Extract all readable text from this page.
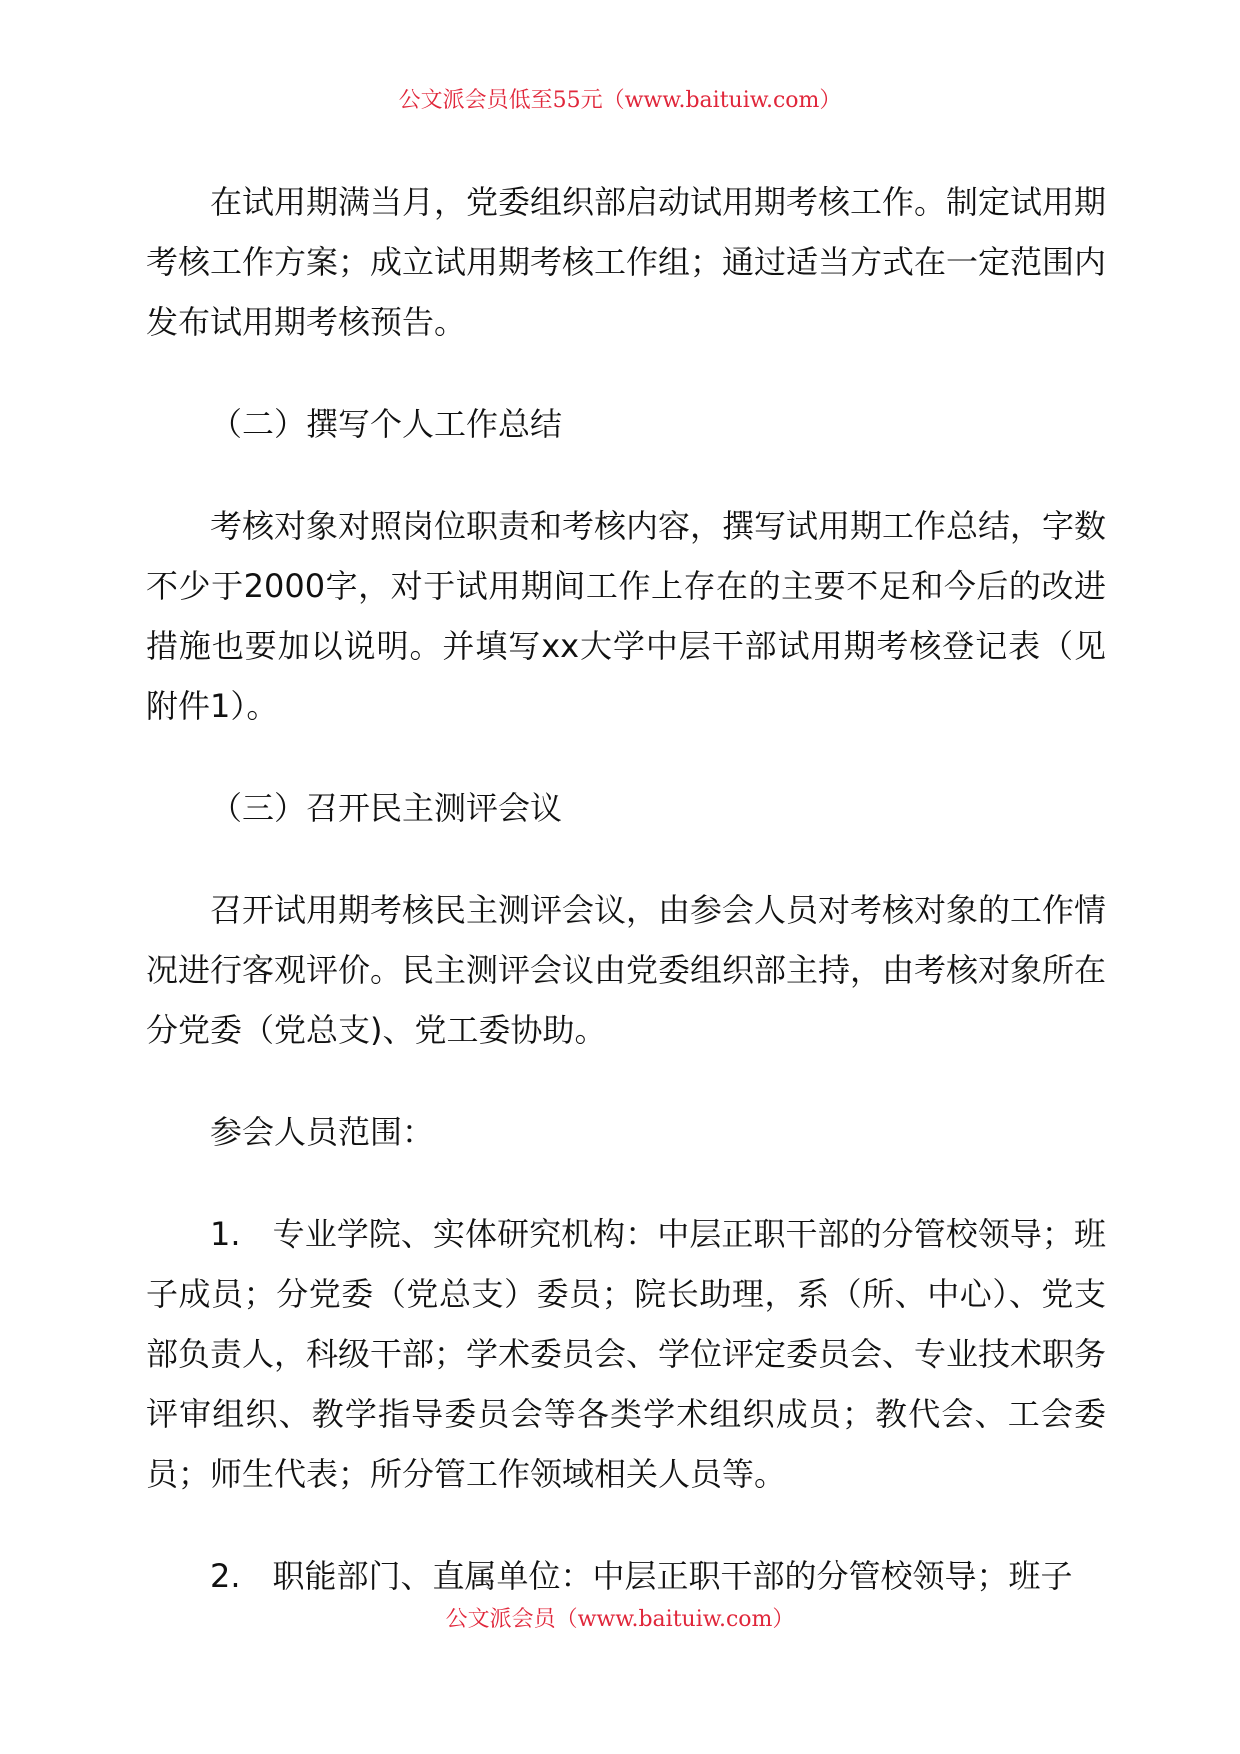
公文派会员低至55元（www.baituiw.com）

在试用期满当月，党委组织部启动试用期考核工作。制定试用期考核工作方案；成立试用期考核工作组；通过适当方式在一定范围内发布试用期考核预告。

（二）撰写个人工作总结

考核对象对照岗位职责和考核内容，撰写试用期工作总结，字数不少于2000字，对于试用期间工作上存在的主要不足和今后的改进措施也要加以说明。并填写xx大学中层干部试用期考核登记表（见附件1）。

（三）召开民主测评会议

召开试用期考核民主测评会议，由参会人员对考核对象的工作情况进行客观评价。民主测评会议由党委组织部主持，由考核对象所在分党委（党总支)、党工委协助。

参会人员范围：

1.　专业学院、实体研究机构：中层正职干部的分管校领导；班子成员；分党委（党总支）委员；院长助理，系（所、中心）、党支部负责人，科级干部；学术委员会、学位评定委员会、专业技术职务评审组织、教学指导委员会等各类学术组织成员；教代会、工会委员；师生代表；所分管工作领域相关人员等。

2.　职能部门、直属单位：中层正职干部的分管校领导；班子

公文派会员（www.baituiw.com）
